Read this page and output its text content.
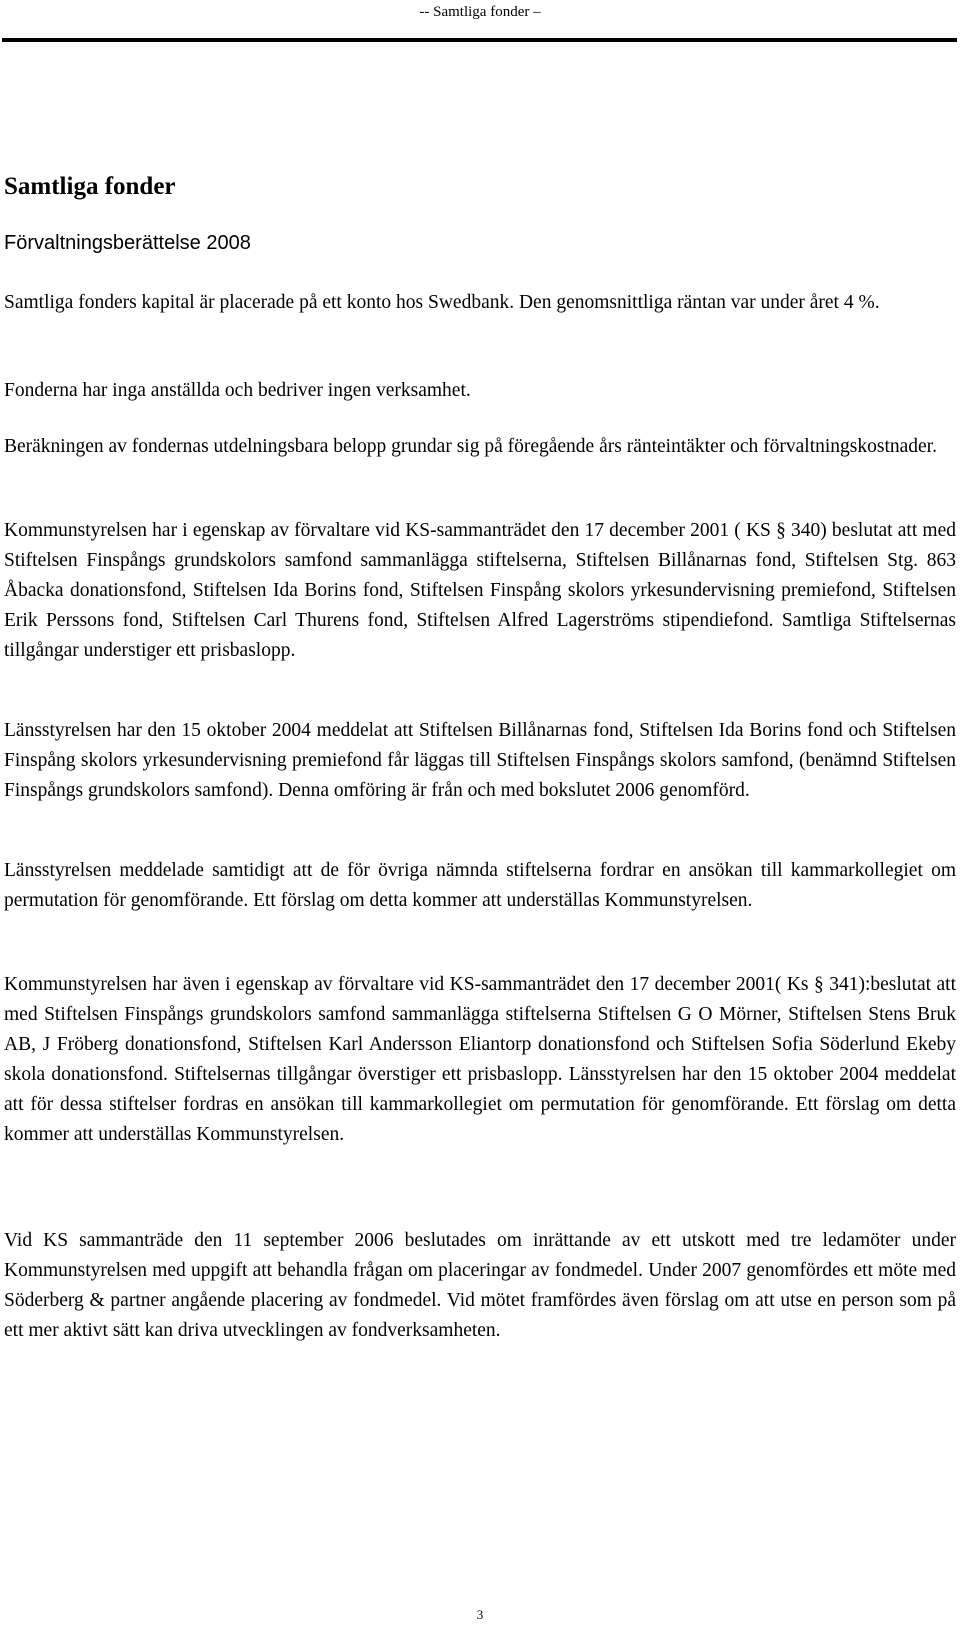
-- Samtliga fonder –
Samtliga fonder
Förvaltningsberättelse 2008

Samtliga fonders kapital är placerade på ett konto hos Swedbank. Den genomsnittliga räntan var under året 4 %.

Fonderna har inga anställda och bedriver ingen verksamhet.

Beräkningen av fondernas utdelningsbara belopp grundar sig på föregående års ränteintäkter och förvaltningskostnader.

Kommunstyrelsen har i egenskap av förvaltare vid KS-sammanträdet den 17 december 2001 ( KS § 340) beslutat att med Stiftelsen Finspångs grundskolors samfond sammanlägga stiftelserna, Stiftelsen Billånarnas fond, Stiftelsen Stg. 863 Åbacka donationsfond, Stiftelsen Ida Borins fond, Stiftelsen Finspång skolors yrkesundervisning premiefond, Stiftelsen Erik Perssons fond, Stiftelsen Carl Thurens fond, Stiftelsen Alfred Lagerströms stipendiefond. Samtliga Stiftelsernas tillgångar understiger ett prisbaslopp.

Länsstyrelsen har den 15 oktober 2004 meddelat att Stiftelsen Billånarnas fond, Stiftelsen Ida Borins fond och Stiftelsen Finspång skolors yrkesundervisning premiefond får läggas till Stiftelsen Finspångs skolors samfond, (benämnd Stiftelsen Finspångs grundskolors samfond). Denna omföring är från och med bokslutet 2006 genomförd.

Länsstyrelsen meddelade samtidigt att de för övriga nämnda stiftelserna fordrar en ansökan till kammarkollegiet om permutation för genomförande. Ett förslag om detta kommer att underställas Kommunstyrelsen.

Kommunstyrelsen har även i egenskap av förvaltare vid KS-sammanträdet den 17 december 2001( Ks § 341):beslutat att med Stiftelsen Finspångs grundskolors samfond sammanlägga stiftelserna Stiftelsen G O Mörner, Stiftelsen Stens Bruk AB, J Fröberg donationsfond, Stiftelsen Karl Andersson Eliantorp donationsfond och Stiftelsen Sofia Söderlund Ekeby skola donationsfond. Stiftelsernas tillgångar överstiger ett prisbaslopp. Länsstyrelsen har den 15 oktober 2004 meddelat att för dessa stiftelser fordras en ansökan till kammarkollegiet om permutation för genomförande. Ett förslag om detta kommer att underställas Kommunstyrelsen.

Vid KS sammanträde den 11 september 2006 beslutades om inrättande av ett utskott med tre ledamöter under Kommunstyrelsen med uppgift att behandla frågan om placeringar av fondmedel. Under 2007 genomfördes ett möte med Söderberg & partner angående placering av fondmedel. Vid mötet framfördes även förslag om att utse en person som på ett mer aktivt sätt kan driva utvecklingen av fondverksamheten.

3
